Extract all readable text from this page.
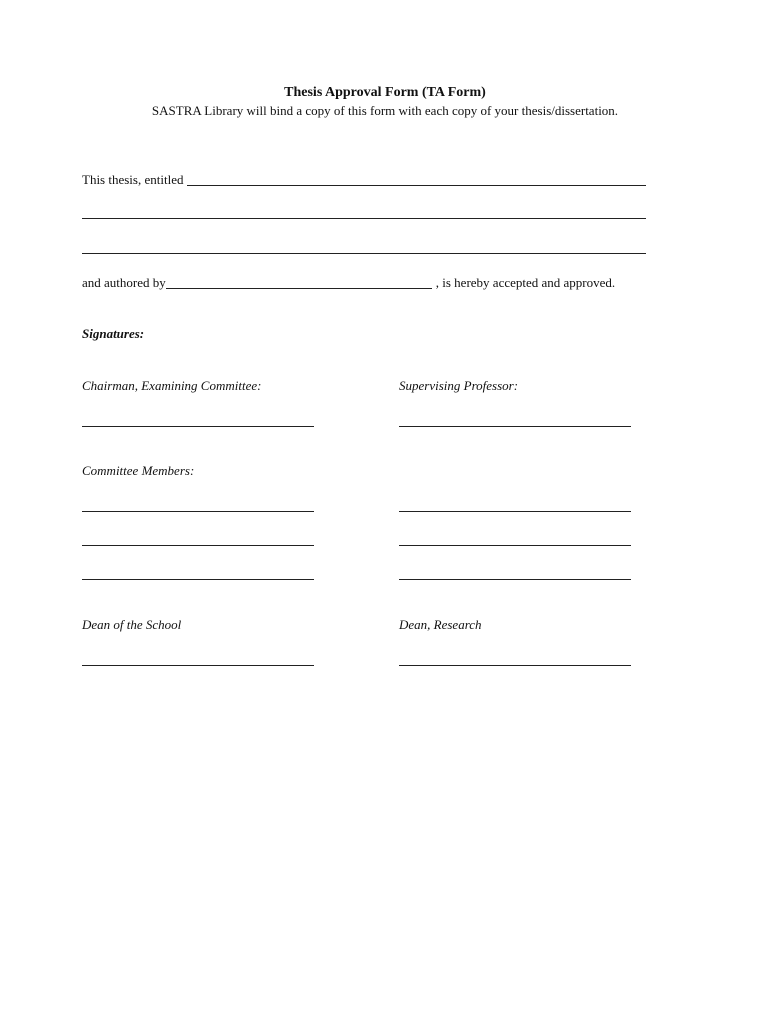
Thesis Approval Form (TA Form)
SASTRA Library will bind a copy of this form with each copy of your thesis/dissertation.
This thesis, entitled
and authored by	, is hereby accepted and approved.
Signatures:
Chairman, Examining Committee:	Supervising Professor:
Committee Members:
Dean of the School	Dean, Research
